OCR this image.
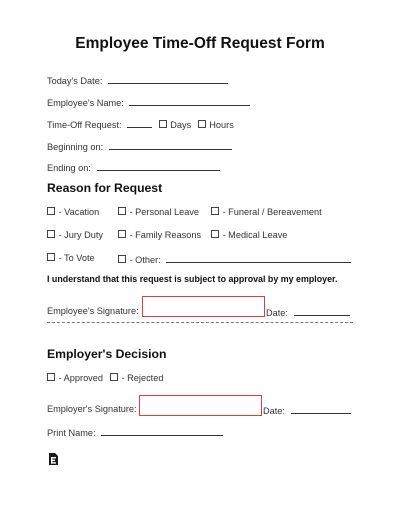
Employee Time-Off Request Form
Today's Date:
Employee's Name:
Time-Off Request:	Days Hours
Beginning on:
Ending on:
Reason for Request
- Vacation	- Personal Leave	- Funeral / Bereavement
- Jury Duty	- Family Reasons	- Medical Leave
- To Vote	- Other:
I understand that this request is subject to approval by my employer.
Employee's Signature:	Date:
Employer's Decision
- Approved	- Rejected
Employer's Signature:	Date:
Print Name:
